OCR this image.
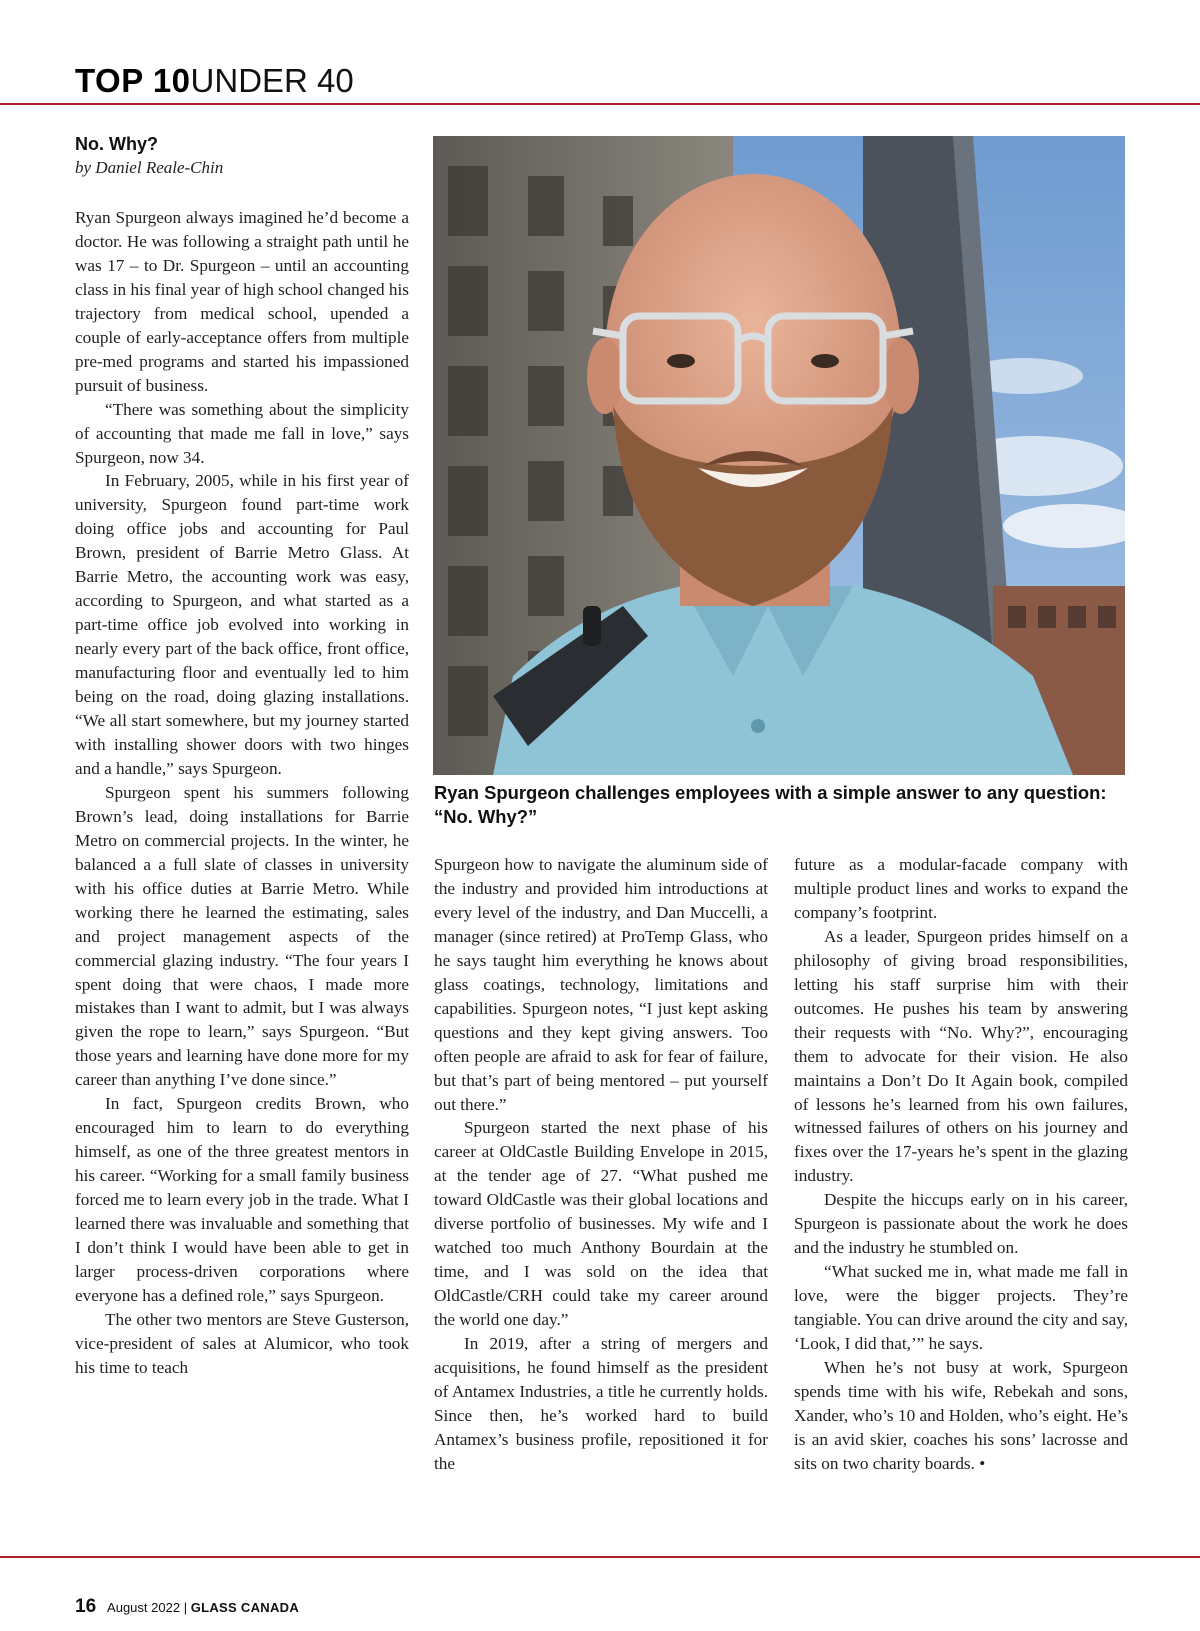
TOP 10UNDER 40
No. Why?
by Daniel Reale-Chin

Ryan Spurgeon always imagined he’d become a doctor. He was following a straight path until he was 17 – to Dr. Spurgeon – until an accounting class in his final year of high school changed his trajectory from medical school, upended a couple of early-acceptance offers from multiple pre-med programs and started his impassioned pursuit of business.

“There was something about the simplicity of accounting that made me fall in love,” says Spurgeon, now 34.

In February, 2005, while in his first year of university, Spurgeon found part-time work doing office jobs and accounting for Paul Brown, president of Barrie Metro Glass. At Barrie Metro, the accounting work was easy, according to Spurgeon, and what started as a part-time office job evolved into working in nearly every part of the back office, front office, manufacturing floor and eventually led to him being on the road, doing glazing installations. “We all start somewhere, but my journey started with installing shower doors with two hinges and a handle,” says Spurgeon.

Spurgeon spent his summers following Brown’s lead, doing installations for Barrie Metro on commercial projects. In the winter, he balanced a a full slate of classes in university with his office duties at Barrie Metro. While working there he learned the estimating, sales and project management aspects of the commercial glazing industry. “The four years I spent doing that were chaos, I made more mistakes than I want to admit, but I was always given the rope to learn,” says Spurgeon. “But those years and learning have done more for my career than anything I’ve done since.”

In fact, Spurgeon credits Brown, who encouraged him to learn to do everything himself, as one of the three greatest mentors in his career. “Working for a small family business forced me to learn every job in the trade. What I learned there was invaluable and something that I don’t think I would have been able to get in larger process-driven corporations where everyone has a defined role,” says Spurgeon.

The other two mentors are Steve Gusterson, vice-president of sales at Alumicor, who took his time to teach

Ryan Spurgeon challenges employees with a simple answer to any question: “No. Why?”

Spurgeon how to navigate the aluminum side of the industry and provided him introductions at every level of the industry, and Dan Muccelli, a manager (since retired) at ProTemp Glass, who he says taught him everything he knows about glass coatings, technology, limitations and capabilities. Spurgeon notes, “I just kept asking questions and they kept giving answers. Too often people are afraid to ask for fear of failure, but that’s part of being mentored – put yourself out there.”

Spurgeon started the next phase of his career at OldCastle Building Envelope in 2015, at the tender age of 27. “What pushed me toward OldCastle was their global locations and diverse portfolio of businesses. My wife and I watched too much Anthony Bourdain at the time, and I was sold on the idea that OldCastle/CRH could take my career around the world one day.”

In 2019, after a string of mergers and acquisitions, he found himself as the president of Antamex Industries, a title he currently holds. Since then, he’s worked hard to build Antamex’s business profile, repositioned it for the

future as a modular-facade company with multiple product lines and works to expand the company’s footprint.

As a leader, Spurgeon prides himself on a philosophy of giving broad responsibilities, letting his staff surprise him with their outcomes. He pushes his team by answering their requests with “No. Why?”, encouraging them to advocate for their vision. He also maintains a Don’t Do It Again book, compiled of lessons he’s learned from his own failures, witnessed failures of others on his journey and fixes over the 17-years he’s spent in the glazing industry.

Despite the hiccups early on in his career, Spurgeon is passionate about the work he does and the industry he stumbled on.

“What sucked me in, what made me fall in love, were the bigger projects. They’re tangiable. You can drive around the city and say, ‘Look, I did that,’” he says.

When he’s not busy at work, Spurgeon spends time with his wife, Rebekah and sons, Xander, who’s 10 and Holden, who’s eight. He’s is an avid skier, coaches his sons’ lacrosse and sits on two charity boards. •

16 August 2022 | GLASS CANADA
